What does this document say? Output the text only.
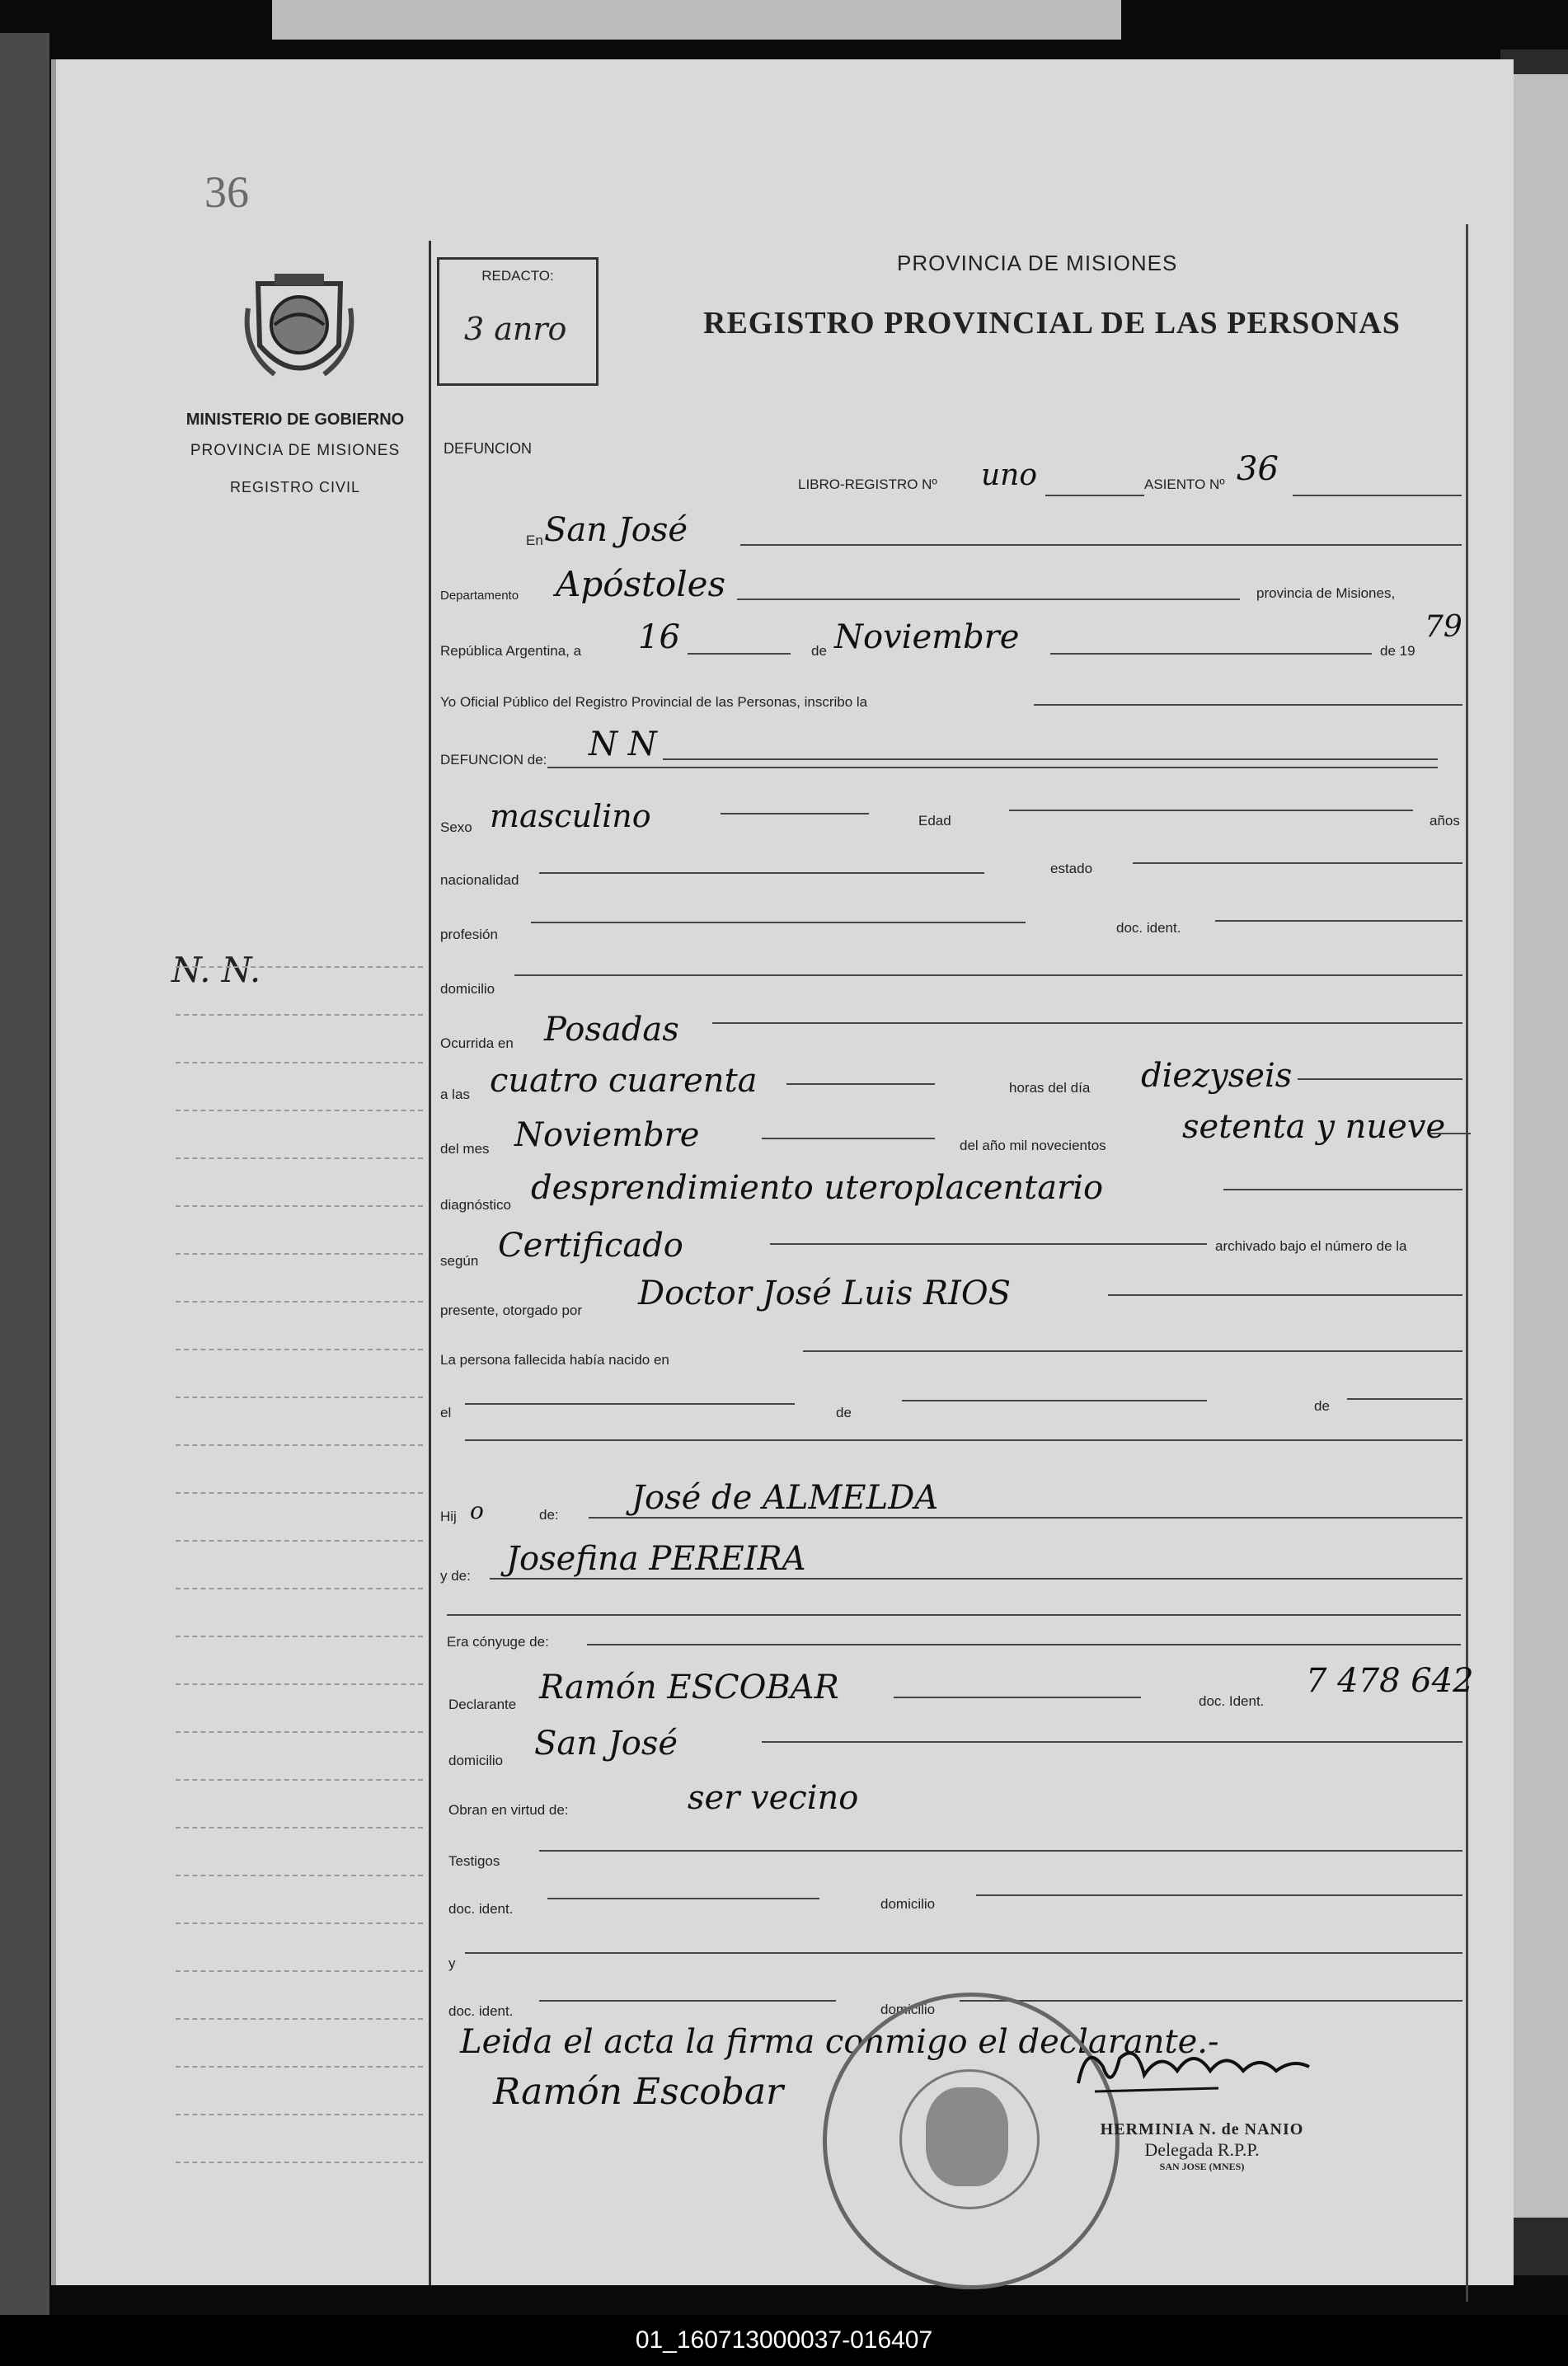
36
MINISTERIO DE GOBIERNO
PROVINCIA DE MISIONES
REGISTRO CIVIL
N. N.
REDACTO:
3 anro
PROVINCIA DE MISIONES
REGISTRO PROVINCIAL DE LAS PERSONAS
DEFUNCION
LIBRO-REGISTRO Nº uno	ASIENTO Nº 36
En San José
Departamento Apóstoles	provincia de Misiones,
República Argentina, a 16	de Noviembre	de 19
79
Yo Oficial Público del Registro Provincial de las Personas, inscribo la
DEFUNCION de: N N
Sexo masculino	Edad	años
nacionalidad
estado
profesión	doc. ident.
domicilio
Ocurrida en Posadas
a las cuatro cuarenta	horas del día diezyseis
del mes Noviembre	del año mil novecientos setenta y nueve
diagnóstico desprendimiento uteroplacentario
según Certificado	archivado bajo el número de la
presente, otorgado por Doctor José Luis RIOS
La persona fallecida había nacido en
el	de	de
Hij o	de: José de ALMELDA
y de: Josefina PEREIRA
Era cónyuge de:
Declarante Ramón ESCOBAR	doc. Ident.
7 478 642
domicilio San José
Obran en virtud de:	ser vecino
Testigos
doc. ident.	domicilio
y
doc. ident.	domicilio
Leida el acta la firma conmigo el declarante.-
Ramón Escobar
HERMINIA N. de NANIO
Delegada R.P.P.
SAN JOSE (MNES)
01_160713000037-016407
